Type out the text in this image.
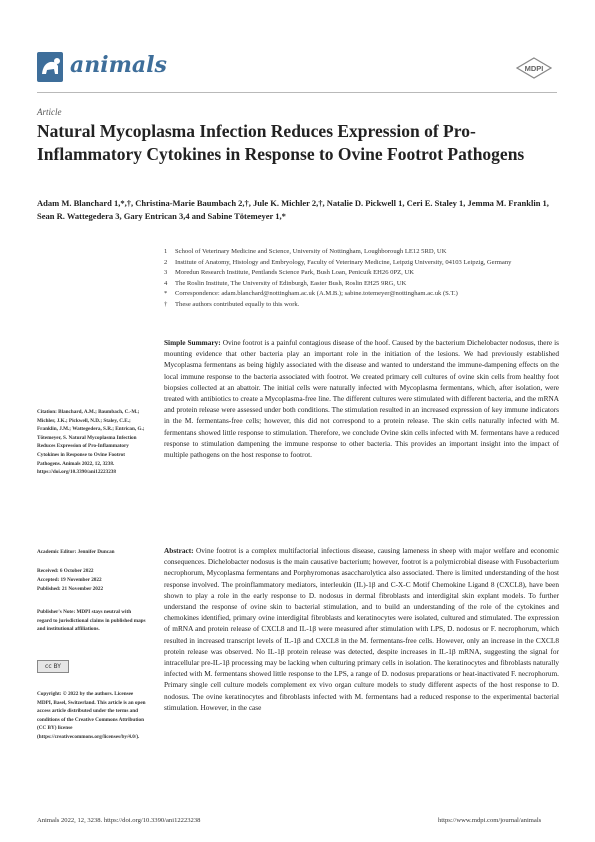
animals	MDPI
Article
Natural Mycoplasma Infection Reduces Expression of Pro-Inflammatory Cytokines in Response to Ovine Footrot Pathogens
Adam M. Blanchard 1,*,†, Christina-Marie Baumbach 2,†, Jule K. Michler 2,†, Natalie D. Pickwell 1, Ceri E. Staley 1, Jemma M. Franklin 1, Sean R. Wattegedera 3, Gary Entrican 3,4 and Sabine Tötemeyer 1,*
1	School of Veterinary Medicine and Science, University of Nottingham, Loughborough LE12 5RD, UK
2	Institute of Anatomy, Histology and Embryology, Faculty of Veterinary Medicine, Leipzig University, 04103 Leipzig, Germany
3	Moredun Research Institute, Pentlands Science Park, Bush Loan, Penicuik EH26 0PZ, UK
4	The Roslin Institute, The University of Edinburgh, Easter Bush, Roslin EH25 9RG, UK
*	Correspondence: adam.blanchard@nottingham.ac.uk (A.M.B.); sabine.totemeyer@nottingham.ac.uk (S.T.)
†	These authors contributed equally to this work.
Citation: Blanchard, A.M.; Baumbach, C.-M.; Michler, J.K.; Pickwell, N.D.; Staley, C.E.; Franklin, J.M.; Wattegedera, S.R.; Entrican, G.; Tötemeyer, S. Natural Mycoplasma Infection Reduces Expression of Pro-Inflammatory Cytokines in Response to Ovine Footrot Pathogens. Animals 2022, 12, 3238. https://doi.org/10.3390/ani12223238
Academic Editor: Jennifer Duncan
Received: 6 October 2022
Accepted: 19 November 2022
Published: 21 November 2022
Publisher's Note: MDPI stays neutral with regard to jurisdictional claims in published maps and institutional affiliations.
cc BY
Copyright: © 2022 by the authors. Licensee MDPI, Basel, Switzerland. This article is an open access article distributed under the terms and conditions of the Creative Commons Attribution (CC BY) license (https://creativecommons.org/licenses/by/4.0/).
Simple Summary: Ovine footrot is a painful contagious disease of the hoof. Caused by the bacterium Dichelobacter nodosus, there is mounting evidence that other bacteria play an important role in the initiation of the lesions. We had previously established Mycoplasma fermentans as being highly associated with the disease and wanted to understand the immune-dampening effects on the local immune response to the bacteria associated with footrot. We created primary cell cultures of ovine skin cells from healthy foot biopsies collected at an abattoir. The initial cells were naturally infected with Mycoplasma fermentans, which, after isolation, were treated with antibiotics to create a Mycoplasma-free line. The different cultures were stimulated with different bacteria, and the mRNA and protein release were assessed under both conditions. The stimulation resulted in an increased expression of key immune indicators in the M. fermentans-free cells; however, this did not correspond to a protein release. The skin cells naturally infected with M. fermentans showed little response to stimulation. Therefore, we conclude Ovine skin cells infected with M. fermentans have a reduced response to stimulation dampening the immune response to other bacteria. This provides an important insight into the impact of multiple pathogens on the host response to footrot.
Abstract: Ovine footrot is a complex multifactorial infectious disease, causing lameness in sheep with major welfare and economic consequences. Dichelobacter nodosus is the main causative bacterium; however, footrot is a polymicrobial disease with Fusobacterium necrophorum, Mycoplasma fermentans and Porphyromonas asaccharolytica also associated. There is limited understanding of the host response involved. The proinflammatory mediators, interleukin (IL)-1β and C-X-C Motif Chemokine Ligand 8 (CXCL8), have been shown to play a role in the early response to D. nodosus in dermal fibroblasts and interdigital skin explant models. To further understand the response of ovine skin to bacterial stimulation, and to build an understanding of the role of the cytokines and chemokines identified, primary ovine interdigital fibroblasts and keratinocytes were isolated, cultured and stimulated. The expression of mRNA and protein release of CXCL8 and IL-1β were measured after stimulation with LPS, D. nodosus or F. necrophorum, which resulted in increased transcript levels of IL-1β and CXCL8 in the M. fermentans-free cells. However, only an increase in the CXCL8 protein release was observed. No IL-1β protein release was detected, despite increases in IL-1β mRNA, suggesting the signal for intracellular pre-IL-1β processing may be lacking when culturing primary cells in isolation. The keratinocytes and fibroblasts naturally infected with M. fermentans showed little response to the LPS, a range of D. nodosus preparations or heat-inactivated F. necrophorum. Primary single cell culture models complement ex vivo organ culture models to study different aspects of the host response to D. nodosus. The ovine keratinocytes and fibroblasts infected with M. fermentans had a reduced response to the experimental bacterial stimulation. However, in the case
Animals 2022, 12, 3238. https://doi.org/10.3390/ani12223238	https://www.mdpi.com/journal/animals
